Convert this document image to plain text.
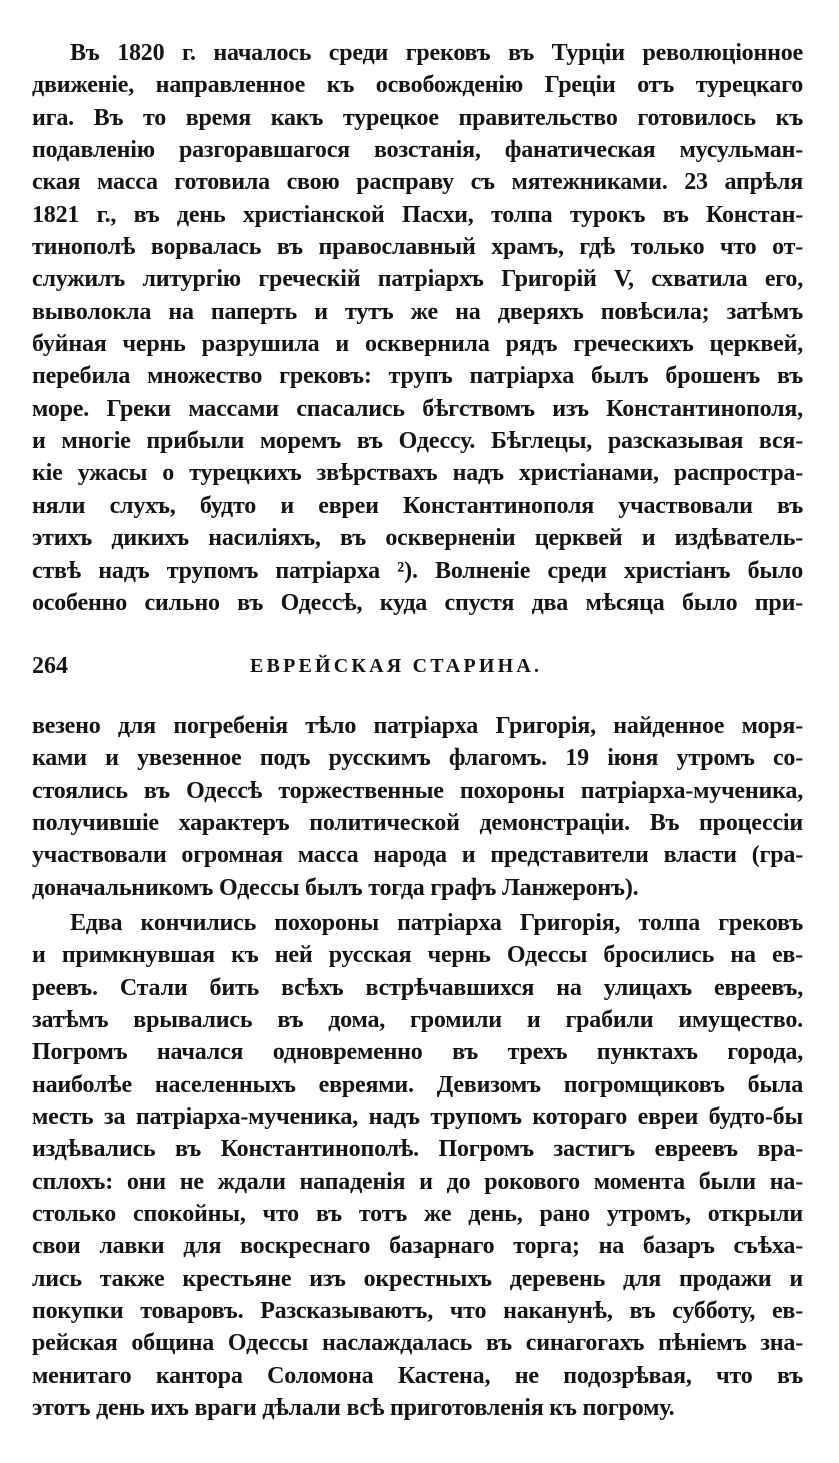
Въ 1820 г. началось среди грековъ въ Турціи революціонное
движеніе, направленное къ освобожденію Греціи отъ турецкаго
ига. Въ то время какъ турецкое правительство готовилось къ
подавленію разгоравшагося возстанія, фанатическая мусульман-
ская масса готовила свою расправу съ мятежниками. 23 апрѣля
1821 г., въ день христіанской Пасхи, толпа турокъ въ Констан-
тинополѣ ворвалась въ православный храмъ, гдѣ только что от-
служилъ литургію греческій патріархъ Григорій V, схватила его,
выволокла на паперть и тутъ же на дверяхъ повѣсила; затѣмъ
буйная чернь разрушила и осквернила рядъ греческихъ церквей,
перебила множество грековъ: трупъ патріарха былъ брошенъ въ
море. Греки массами спасались бѣгствомъ изъ Константинополя,
и многіе прибыли моремъ въ Одессу. Бѣглецы, разсказывая вся-
кіе ужасы о турецкихъ звѣрствахъ надъ христіанами, распростра-
няли слухъ, будто и евреи Константинополя участвовали въ
этихъ дикихъ насиліяхъ, въ оскверненіи церквей и издѣватель-
ствѣ надъ трупомъ патріарха ²). Волненіе среди христіанъ было
особенно сильно въ Одессѣ, куда спустя два мѣсяца было при-
264	ЕВРЕЙСКАЯ СТАРИНА.
везено для погребенія тѣло патріарха Григорія, найденное моря-
ками и увезенное подъ русскимъ флагомъ. 19 іюня утромъ со-
стоялись въ Одессѣ торжественные похороны патріарха-мученика,
получившіе характеръ политической демонстраціи. Въ процессіи
участвовали огромная масса народа и представители власти (гра-
доначальникомъ Одессы былъ тогда графъ Ланжеронъ).
Едва кончились похороны патріарха Григорія, толпа грековъ
и примкнувшая къ ней русская чернь Одессы бросились на ев-
реевъ. Стали бить всѣхъ встрѣчавшихся на улицахъ евреевъ,
затѣмъ врывались въ дома, громили и грабили имущество.
Погромъ начался одновременно въ трехъ пунктахъ города,
наиболѣе населенныхъ евреями. Девизомъ погромщиковъ была
месть за патріарха-мученика, надъ трупомъ котораго евреи будто-бы
издѣвались въ Константинополѣ. Погромъ застигъ евреевъ вра-
сплохъ: они не ждали нападенія и до рокового момента были на-
столько спокойны, что въ тотъ же день, рано утромъ, открыли
свои лавки для воскреснаго базарнаго торга; на базаръ съѣха-
лись также крестьяне изъ окрестныхъ деревень для продажи и
покупки товаровъ. Разсказываютъ, что наканунѣ, въ субботу, ев-
рейская община Одессы наслаждалась въ синагогахъ пѣніемъ зна-
менитаго кантора Соломона Кастена, не подозрѣвая, что въ
этотъ день ихъ враги дѣлали всѣ приготовленія къ погрому.
